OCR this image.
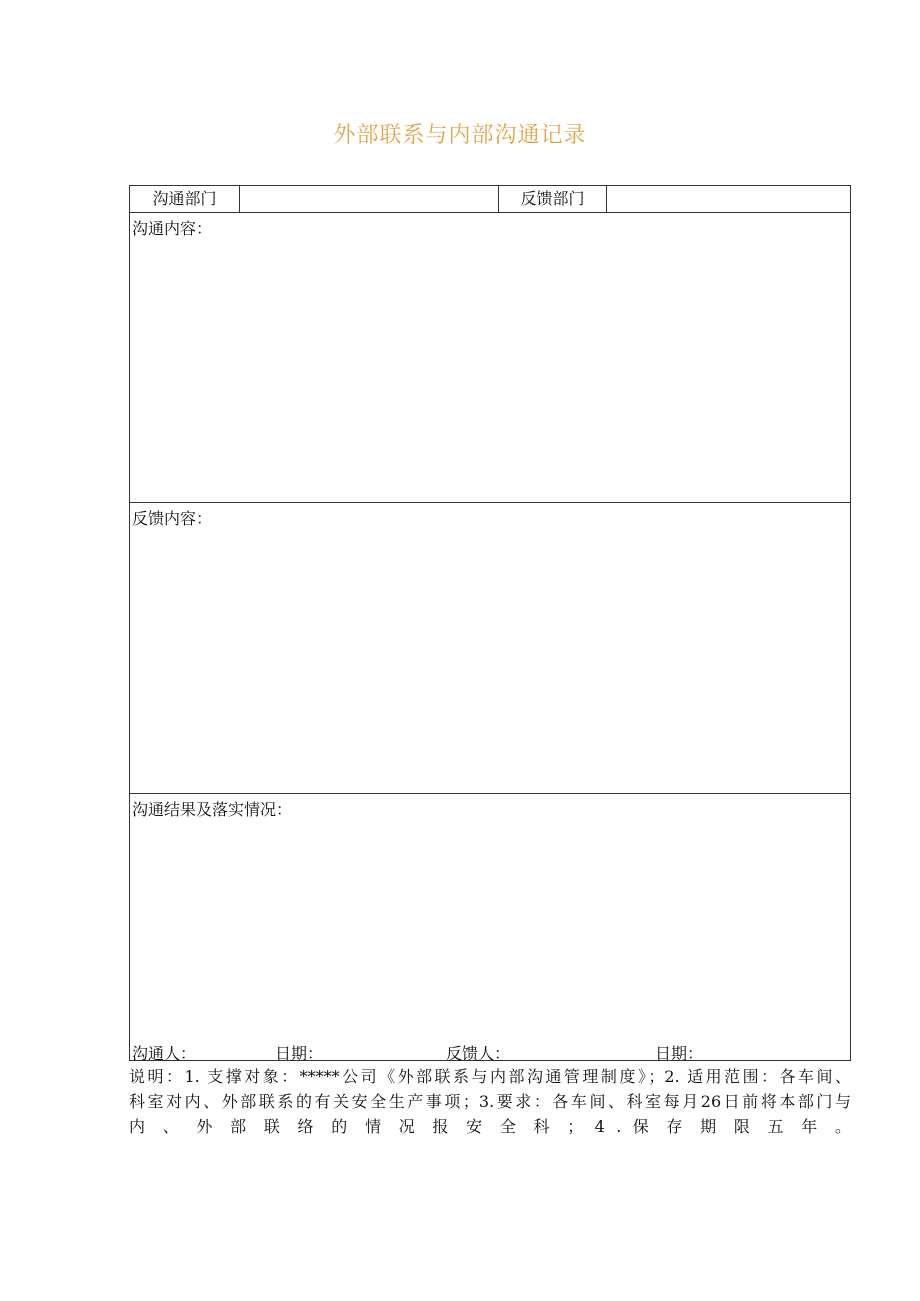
外部联系与内部沟通记录
沟通部门	反馈部门
沟通内容：
反馈内容：
沟通结果及落实情况：
沟通人：	日期：	反馈人：	日期：
说明：1. 支撑对象：*****公司《外部联系与内部沟通管理制度》；2. 适用范围：各车间、
科室对内、外部联系的有关安全生产事项；3.要求：各车间、科室每月26日前将本部门与
内 、 外 部 联 络 的 情 况 报 安 全 科 ； 4 . 保 存 期 限 五 年 。
